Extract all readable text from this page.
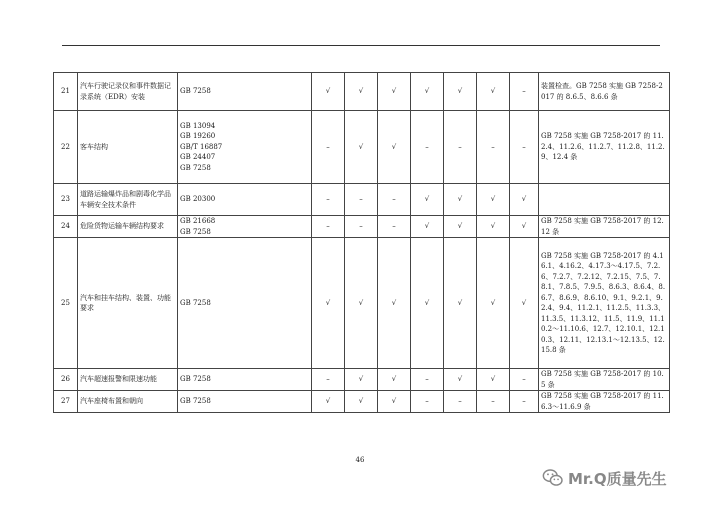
21	汽车行驶记录仪和事件数据记录系统（EDR）安装	GB 7258	√	√	√	√	√	√	–	装置检查。GB 7258 实施 GB 7258-2017 的 8.6.5、8.6.6 条
22	客车结构	GB 13094
GB 19260
GB/T 16887
GB 24407
GB 7258	–	√	√	–	–	–	–	GB 7258 实施 GB 7258-2017 的 11.2.4、11.2.6、11.2.7、11.2.8、11.2.9、12.4 条
23	道路运输爆炸品和剧毒化学品车辆安全技术条件	GB 20300	–	–	–	√	√	√	√	
24	危险货物运输车辆结构要求	GB 21668
GB 7258	–	–	–	√	√	√	√	GB 7258 实施 GB 7258-2017 的 12.12 条
25	汽车和挂车结构、装置、功能要求	GB 7258	√	√	√	√	√	√	√	GB 7258 实施 GB 7258-2017 的 4.16.1、4.16.2、4.17.3～4.17.5、7.2.6、7.2.7、7.2.12、7.2.15、7.5、7.8.1、7.8.5、7.9.5、8.6.3、8.6.4、8.6.7、8.6.9、8.6.10、9.1、9.2.1、9.2.4、9.4、11.2.1、11.2.5、11.3.3、11.3.5、11.3.12、11.5、11.9、11.10.2～11.10.6、12.7、12.10.1、12.10.3、12.11、12.13.1～12.13.5、12.15.8 条
26	汽车超速报警和限速功能	GB 7258	–	√	√	–	√	√	–	GB 7258 实施 GB 7258-2017 的 10.5 条
27	汽车座椅布置和朝向	GB 7258	√	√	√	–	–	–	–	GB 7258 实施 GB 7258-2017 的 11.6.3～11.6.9 条
46
Mr.Q质量先生
